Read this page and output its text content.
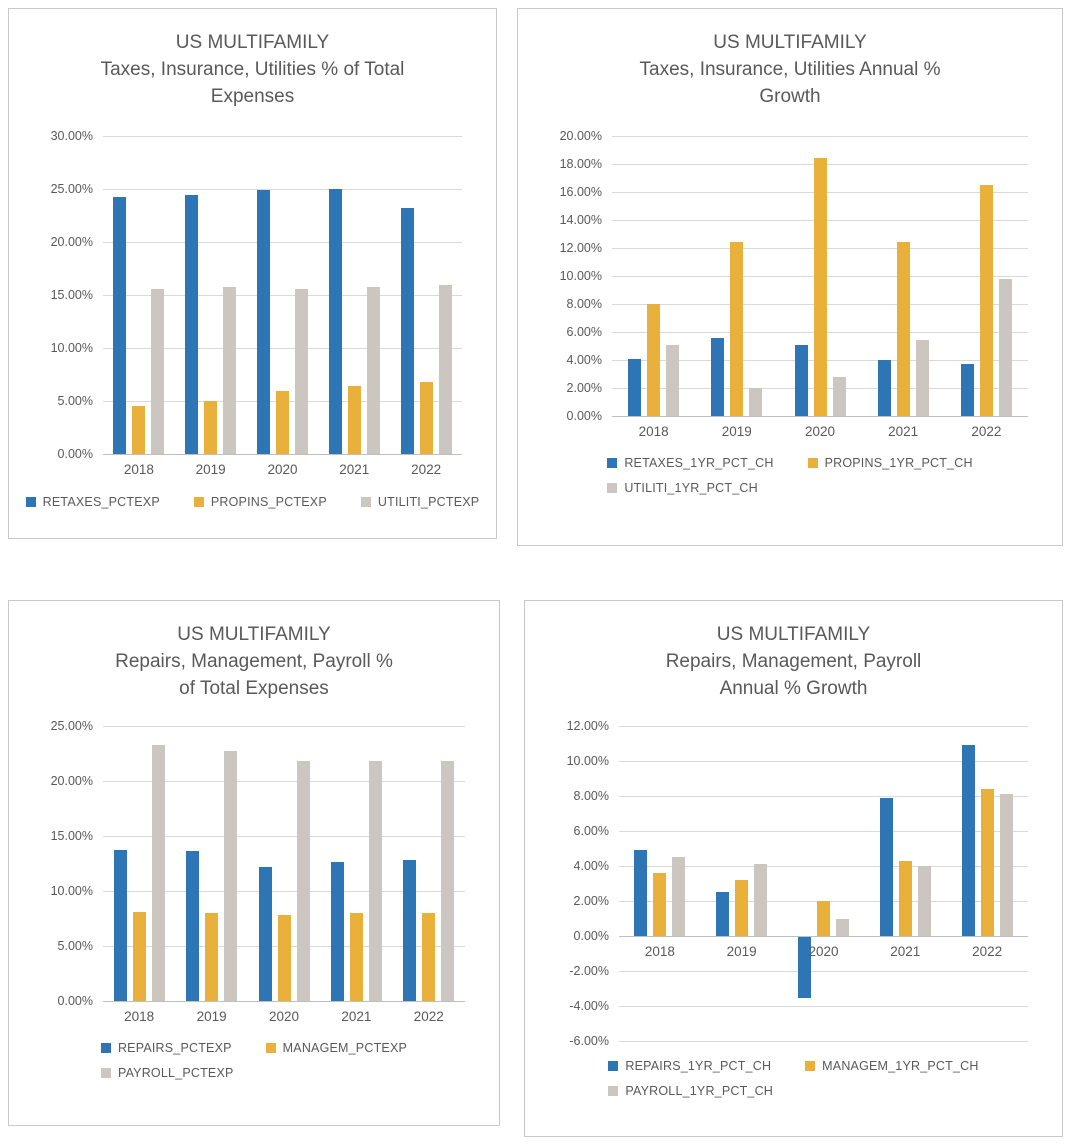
US MULTIFAMILY
Taxes, Insurance, Utilities % of Total
Expenses
0.00%
5.00%
10.00%
15.00%
20.00%
25.00%
30.00%
2018	2019	2020	2021	2022
RETAXES_PCTEXP	PROPINS_PCTEXP	UTILITI_PCTEXP
US MULTIFAMILY
Taxes, Insurance, Utilities Annual %
Growth
0.00%
2.00%
4.00%
6.00%
8.00%
10.00%
12.00%
14.00%
16.00%
18.00%
20.00%
2018	2019	2020	2021	2022
RETAXES_1YR_PCT_CH	PROPINS_1YR_PCT_CH
UTILITI_1YR_PCT_CH
US MULTIFAMILY
Repairs, Management, Payroll %
of Total Expenses
0.00%
5.00%
10.00%
15.00%
20.00%
25.00%
2018	2019	2020	2021	2022
REPAIRS_PCTEXP	MANAGEM_PCTEXP
PAYROLL_PCTEXP
US MULTIFAMILY
Repairs, Management, Payroll
Annual % Growth
-6.00%
-4.00%
-2.00%
0.00%
2.00%
4.00%
6.00%
8.00%
10.00%
12.00%
2018	2019	2020	2021	2022
REPAIRS_1YR_PCT_CH	MANAGEM_1YR_PCT_CH
PAYROLL_1YR_PCT_CH
